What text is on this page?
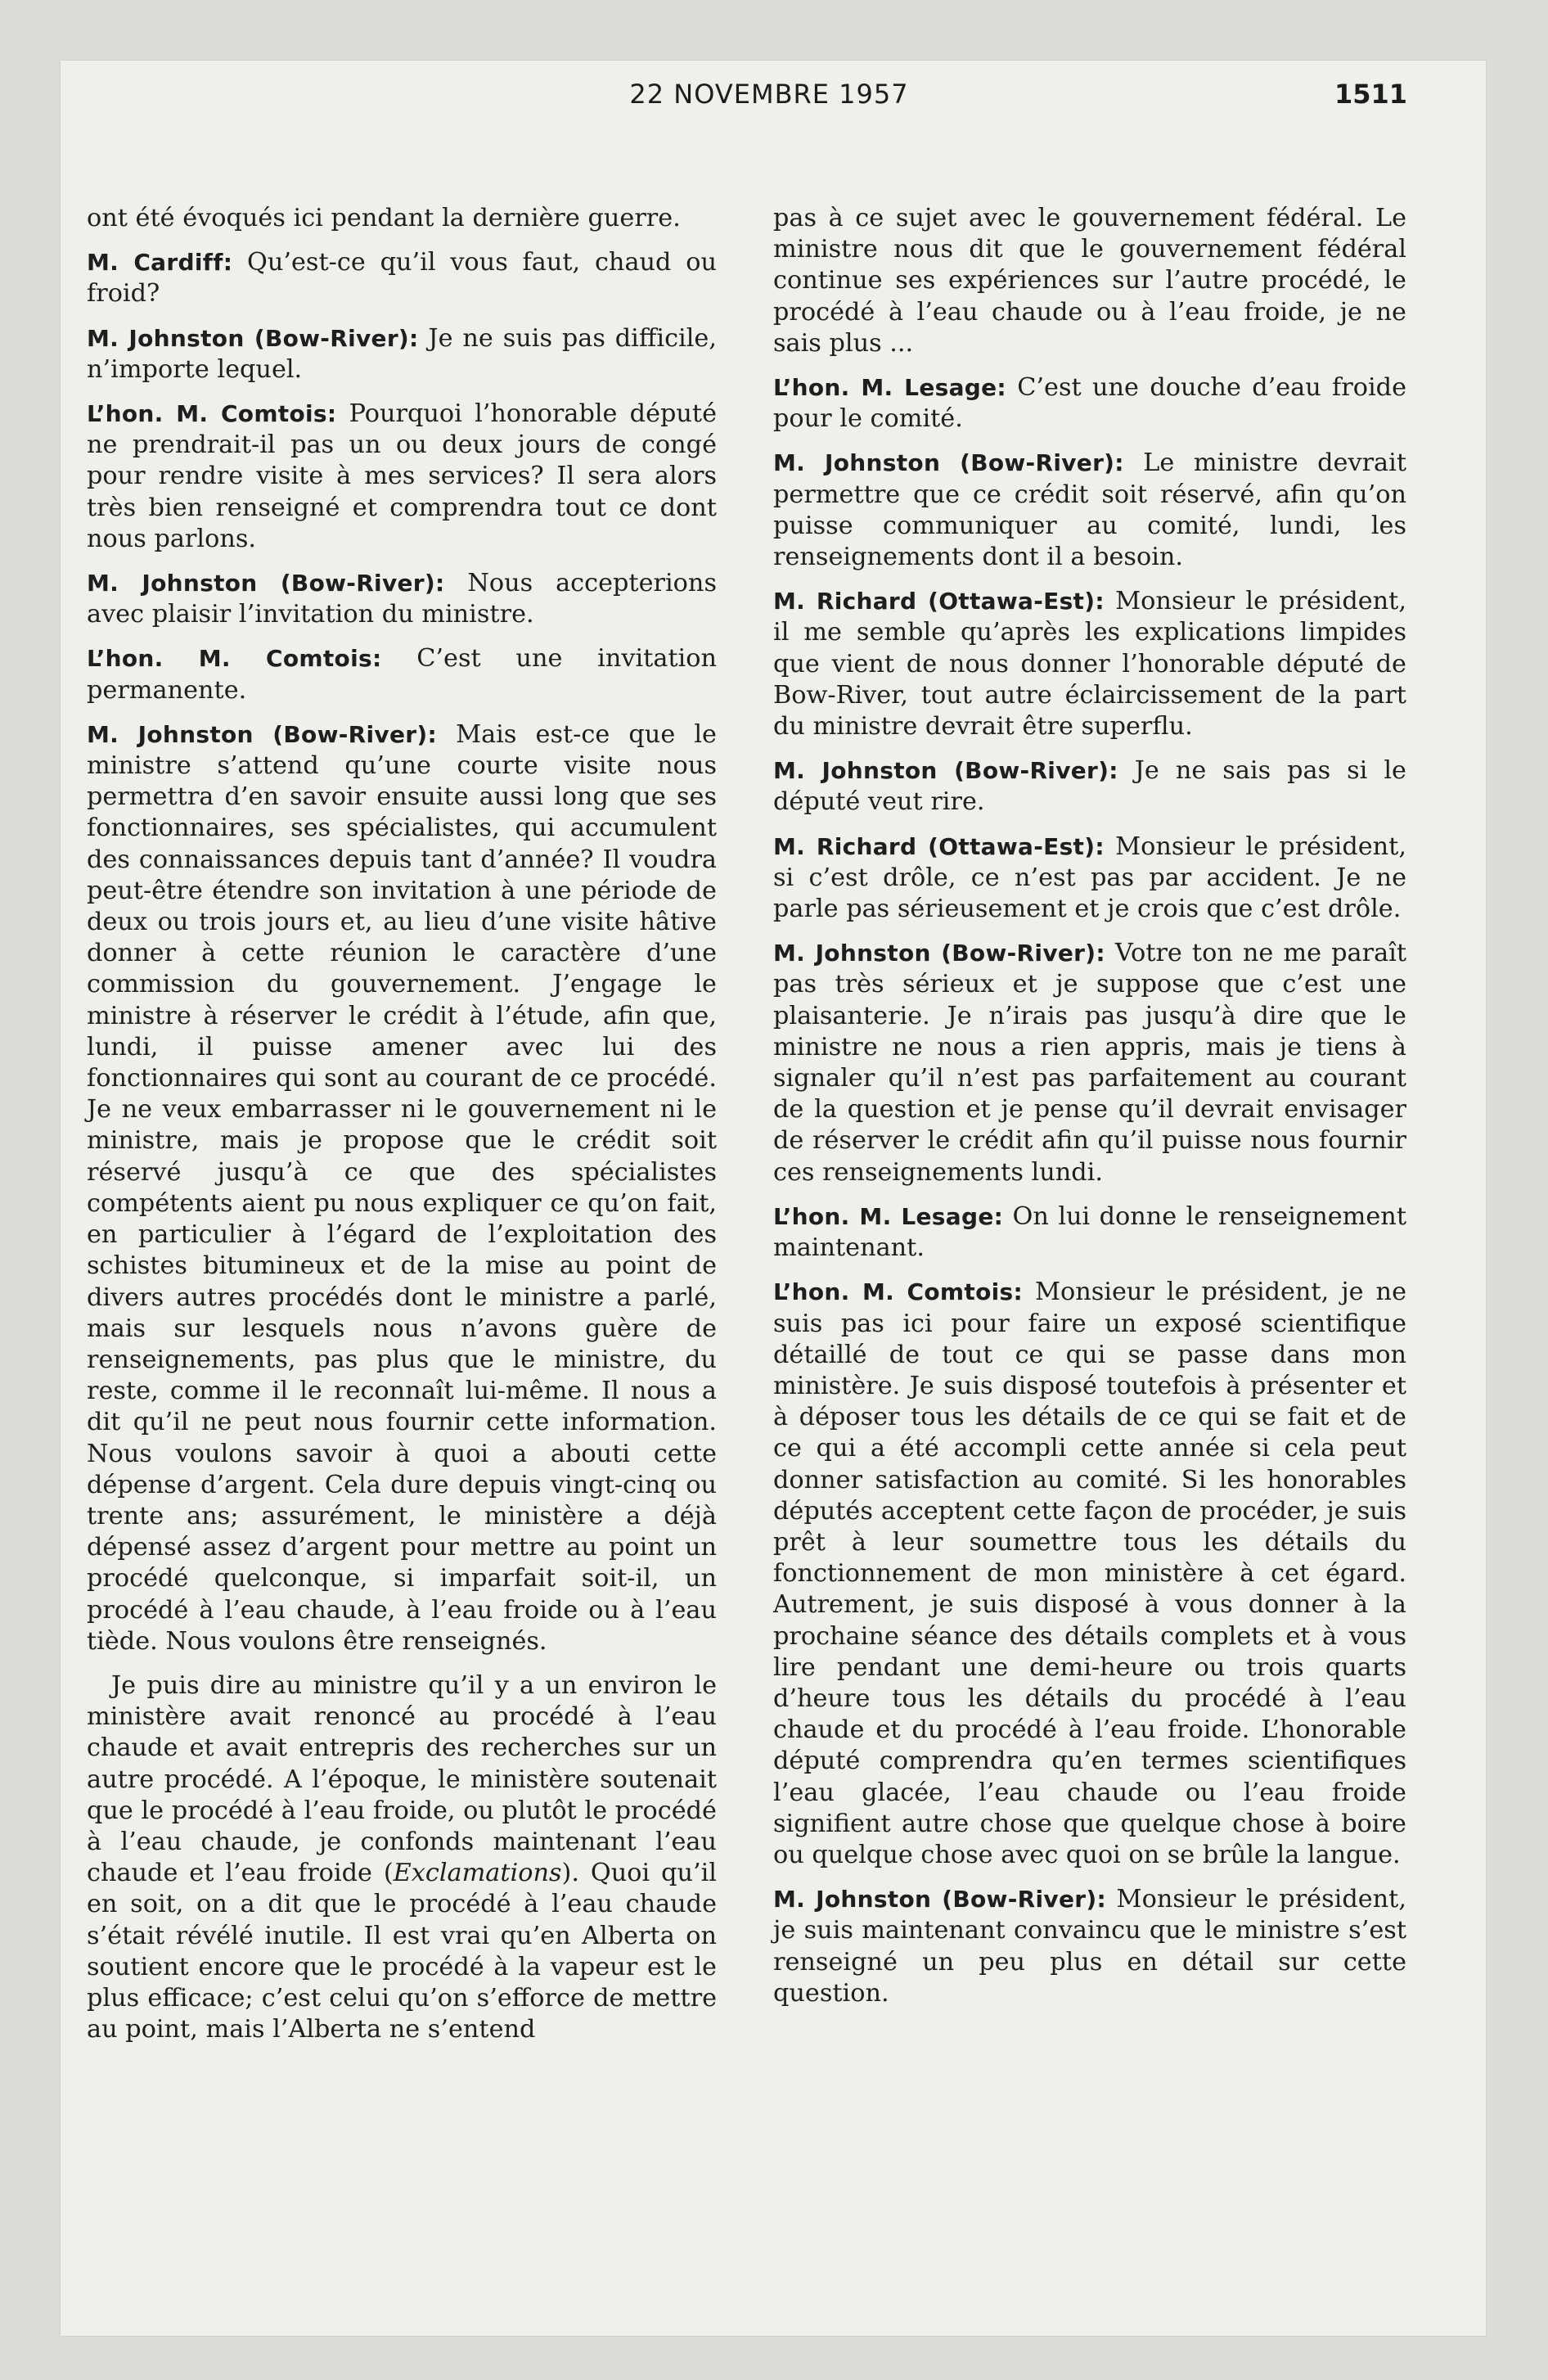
22 NOVEMBRE 1957	1511

ont été évoqués ici pendant la dernière guerre.

M. Cardiff: Qu’est-ce qu’il vous faut, chaud ou froid?

M. Johnston (Bow-River): Je ne suis pas difficile, n’importe lequel.

L’hon. M. Comtois: Pourquoi l’honorable député ne prendrait-il pas un ou deux jours de congé pour rendre visite à mes services? Il sera alors très bien renseigné et comprendra tout ce dont nous parlons.

M. Johnston (Bow-River): Nous accepterions avec plaisir l’invitation du ministre.

L’hon. M. Comtois: C’est une invitation permanente.

M. Johnston (Bow-River): Mais est-ce que le ministre s’attend qu’une courte visite nous permettra d’en savoir ensuite aussi long que ses fonctionnaires, ses spécialistes, qui accumulent des connaissances depuis tant d’année? Il voudra peut-être étendre son invitation à une période de deux ou trois jours et, au lieu d’une visite hâtive donner à cette réunion le caractère d’une commission du gouvernement. J’engage le ministre à réserver le crédit à l’étude, afin que, lundi, il puisse amener avec lui des fonctionnaires qui sont au courant de ce procédé. Je ne veux embarrasser ni le gouvernement ni le ministre, mais je propose que le crédit soit réservé jusqu’à ce que des spécialistes compétents aient pu nous expliquer ce qu’on fait, en particulier à l’égard de l’exploitation des schistes bitumineux et de la mise au point de divers autres procédés dont le ministre a parlé, mais sur lesquels nous n’avons guère de renseignements, pas plus que le ministre, du reste, comme il le reconnaît lui-même. Il nous a dit qu’il ne peut nous fournir cette information. Nous voulons savoir à quoi a abouti cette dépense d’argent. Cela dure depuis vingt-cinq ou trente ans; assurément, le ministère a déjà dépensé assez d’argent pour mettre au point un procédé quelconque, si imparfait soit-il, un procédé à l’eau chaude, à l’eau froide ou à l’eau tiède. Nous voulons être renseignés.

Je puis dire au ministre qu’il y a un environ le ministère avait renoncé au procédé à l’eau chaude et avait entrepris des recherches sur un autre procédé. A l’époque, le ministère soutenait que le procédé à l’eau froide, ou plutôt le procédé à l’eau chaude, je confonds maintenant l’eau chaude et l’eau froide (Exclamations). Quoi qu’il en soit, on a dit que le procédé à l’eau chaude s’était révélé inutile. Il est vrai qu’en Alberta on soutient encore que le procédé à la vapeur est le plus efficace; c’est celui qu’on s’efforce de mettre au point, mais l’Alberta ne s’entend

pas à ce sujet avec le gouvernement fédéral. Le ministre nous dit que le gouvernement fédéral continue ses expériences sur l’autre procédé, le procédé à l’eau chaude ou à l’eau froide, je ne sais plus ...

L’hon. M. Lesage: C’est une douche d’eau froide pour le comité.

M. Johnston (Bow-River): Le ministre devrait permettre que ce crédit soit réservé, afin qu’on puisse communiquer au comité, lundi, les renseignements dont il a besoin.

M. Richard (Ottawa-Est): Monsieur le président, il me semble qu’après les explications limpides que vient de nous donner l’honorable député de Bow-River, tout autre éclaircissement de la part du ministre devrait être superflu.

M. Johnston (Bow-River): Je ne sais pas si le député veut rire.

M. Richard (Ottawa-Est): Monsieur le président, si c’est drôle, ce n’est pas par accident. Je ne parle pas sérieusement et je crois que c’est drôle.

M. Johnston (Bow-River): Votre ton ne me paraît pas très sérieux et je suppose que c’est une plaisanterie. Je n’irais pas jusqu’à dire que le ministre ne nous a rien appris, mais je tiens à signaler qu’il n’est pas parfaitement au courant de la question et je pense qu’il devrait envisager de réserver le crédit afin qu’il puisse nous fournir ces renseignements lundi.

L’hon. M. Lesage: On lui donne le renseignement maintenant.

L’hon. M. Comtois: Monsieur le président, je ne suis pas ici pour faire un exposé scientifique détaillé de tout ce qui se passe dans mon ministère. Je suis disposé toutefois à présenter et à déposer tous les détails de ce qui se fait et de ce qui a été accompli cette année si cela peut donner satisfaction au comité. Si les honorables députés acceptent cette façon de procéder, je suis prêt à leur soumettre tous les détails du fonctionnement de mon ministère à cet égard. Autrement, je suis disposé à vous donner à la prochaine séance des détails complets et à vous lire pendant une demi-heure ou trois quarts d’heure tous les détails du procédé à l’eau chaude et du procédé à l’eau froide. L’honorable député comprendra qu’en termes scientifiques l’eau glacée, l’eau chaude ou l’eau froide signifient autre chose que quelque chose à boire ou quelque chose avec quoi on se brûle la langue.

M. Johnston (Bow-River): Monsieur le président, je suis maintenant convaincu que le ministre s’est renseigné un peu plus en détail sur cette question.
